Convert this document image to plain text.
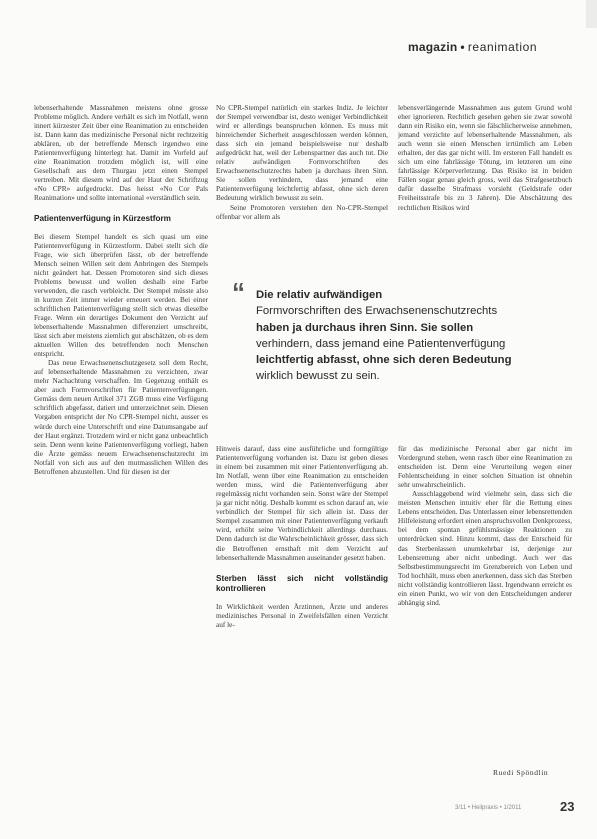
magazin • reanimation

lebenserhaltende Massnahmen meistens ohne grosse Probleme möglich. Andere verhält es sich im Notfall, wenn innert kürzester Zeit über eine Reanimation zu entscheiden ist. Dann kann das medizinische Personal nicht rechtzeitig abklären, ob der betreffende Mensch irgendwo eine Patientenverfügung hinterlegt hat. Damit im Vorfeld auf eine Reanimation trotzdem möglich ist, will eine Gesellschaft aus dem Thurgau jetzt einen Stempel vertreiben. Mit diesem wird auf der Haut der Schriftzug «No CPR» aufgedruckt. Das heisst «No Cor Pals Reanimation» und sollte international «verständlich sein.

Patientenverfügung in Kürzestform

Bei diesem Stempel handelt es sich quasi um eine Patientenverfügung in Kürzestform. Dabei stellt sich die Frage, wie sich überprüfen lässt, ob der betreffende Mensch seinen Willen seit dem Anbringen des Stempels nicht geändert hat. Dessen Promotoren sind sich dieses Problems bewusst und wollen deshalb eine Farbe verwenden, die rasch verbleicht. Der Stempel müsste also in kurzen Zeit immer wieder erneuert werden. Bei einer schriftlichen Patientenverfügung stellt sich etwas dieselbe Frage. Wenn ein derartiges Dokument den Verzicht auf lebenserhaltende Massnahmen differenziert umschreibt, lässt sich aber meistens ziemlich gut abschätzen, ob es dem aktuellen Willen des betreffenden noch Menschen entspricht.

Das neue Erwachsenenschutzgesetz soll dem Recht, auf lebenserhaltende Massnahmen zu verzichten, zwar mehr Nachachtung verschaffen. Im Gegenzug enthält es aber auch Formvorschriften für Patientenverfügungen. Gemäss dem neuen Artikel 371 ZGB muss eine Verfügung schriftlich abgefasst, datiert und unterzeichnet sein. Diesen Vorgaben entspricht der No CPR-Stempel nicht, ausser es würde durch eine Unterschrift und eine Datumsangabe auf der Haut ergänzt. Trotzdem wird er nicht ganz unbeachtlich sein. Denn wenn keine Patientenverfügung vorliegt, haben die Ärzte gemäss neuem Erwachsenenschutzrecht im Notfall von sich aus auf den mutmasslichen Willen des Betroffenen abzustellen. Und für diesen ist der

No CPR-Stempel natürlich ein starkes Indiz. Je leichter der Stempel verwendbar ist, desto weniger Verbindlichkeit wird er allerdings beanspruchen können. Es muss mit hinreichender Sicherheit ausgeschlossen werden können, dass sich ein jemand beispielsweise nur deshalb aufgedrückt hat, weil der Lebenspartner das auch tut. Die relativ aufwändigen Formvorschriften des Erwachsenenschutzrechts haben ja durchaus ihren Sinn. Sie sollen verhindern, dass jemand eine Patientenverfügung leichtfertig abfasst, ohne sich deren Bedeutung wirklich bewusst zu sein.

Seine Promotoren verstehen den No-CPR-Stempel offenbar vor allem als

lebensverlängernde Massnahmen aus gutem Grund wohl eher ignorieren. Rechtlich gesehen gehen sie zwar sowohl dann ein Risiko ein, wenn sie fälschlicherweise annehmen, jemand verzichte auf lebenserhaltende Massnahmen, als auch wenn sie einen Menschen irrtümlich am Leben erhalten, der das gar nicht will. Im ersteren Fall handelt es sich um eine fahrlässige Tötung, im letzteren um eine fahrlässige Körperverletzung. Das Risiko ist in beiden Fällen sogar genau gleich gross, weil das Strafgesetzbuch dafür dasselbe Strafmass vorsieht (Geldstrafe oder Freiheitsstrafe bis zu 3 Jahren). Die Abschätzung des rechtlichen Risikos wird

“ Die relativ aufwändigen
Formvorschriften des Erwachsenenschutzrechts
haben ja durchaus ihren Sinn. Sie sollen
verhindern, dass jemand eine Patientenverfügung
leichtfertig abfasst, ohne sich deren Bedeutung
wirklich bewusst zu sein.

Hinweis darauf, dass eine ausführliche und formgültige Patientenverfügung vorhanden ist. Dazu ist geben dieses in einem bei zusammen mit einer Patientenverfügung ab. Im Notfall, wenn über eine Reanimation zu entscheiden werden muss, wird die Patientenverfügung aber regelmässig nicht vorhanden sein. Sonst wäre der Stempel ja gar nicht nötig. Deshalb kommt es schon darauf an, wie verbindlich der Stempel für sich allein ist. Dass der Stempel zusammen mit einer Patientenverfügung verkauft wird, erhöht seine Verbindlichkeit allerdings durchaus. Denn dadurch ist die Wahrscheinlichkeit grösser, dass sich die Betroffenen ernsthaft mit dem Verzicht auf lebenserhaltende Massnahmen auseinander gesetzt haben.

Sterben lässt sich nicht vollständig kontrollieren

In Wirklichkeit werden Ärztinnen, Ärzte und anderes medizinisches Personal in Zweifelsfällen einen Verzicht auf le-

für das medizinische Personal aber gar nicht im Vordergrund stehen, wenn rasch über eine Reanimation zu entscheiden ist. Denn eine Verurteilung wegen einer Fehlentscheidung in einer solchen Situation ist ohnehin sehr unwahrscheinlich.

Ausschlaggebend wird vielmehr sein, dass sich die meisten Menschen intuitiv eher für die Rettung eines Lebens entscheiden. Das Unterlassen einer lebensrettenden Hilfeleistung erfordert einen anspruchsvollen Denkprozess, bei dem spontan gefühlsmässige Reaktionen zu unterdrücken sind. Hinzu kommt, dass der Entscheid für das Sterbenlassen unumkehrbar ist, derjenige zur Lebensrettung aber nicht unbedingt. Auch wer das Selbstbestimmungsrecht im Grenzbereich von Leben und Tod hochhält, muss eben anerkennen, dass sich das Sterben nicht vollständig kontrollieren lässt. Irgendwann erreicht es ein einen Punkt, wo wir von den Entscheidungen anderer abhängig sind.

Ruedi Spöndlin
3/11 • Heilpraxis • 1/2011	23
